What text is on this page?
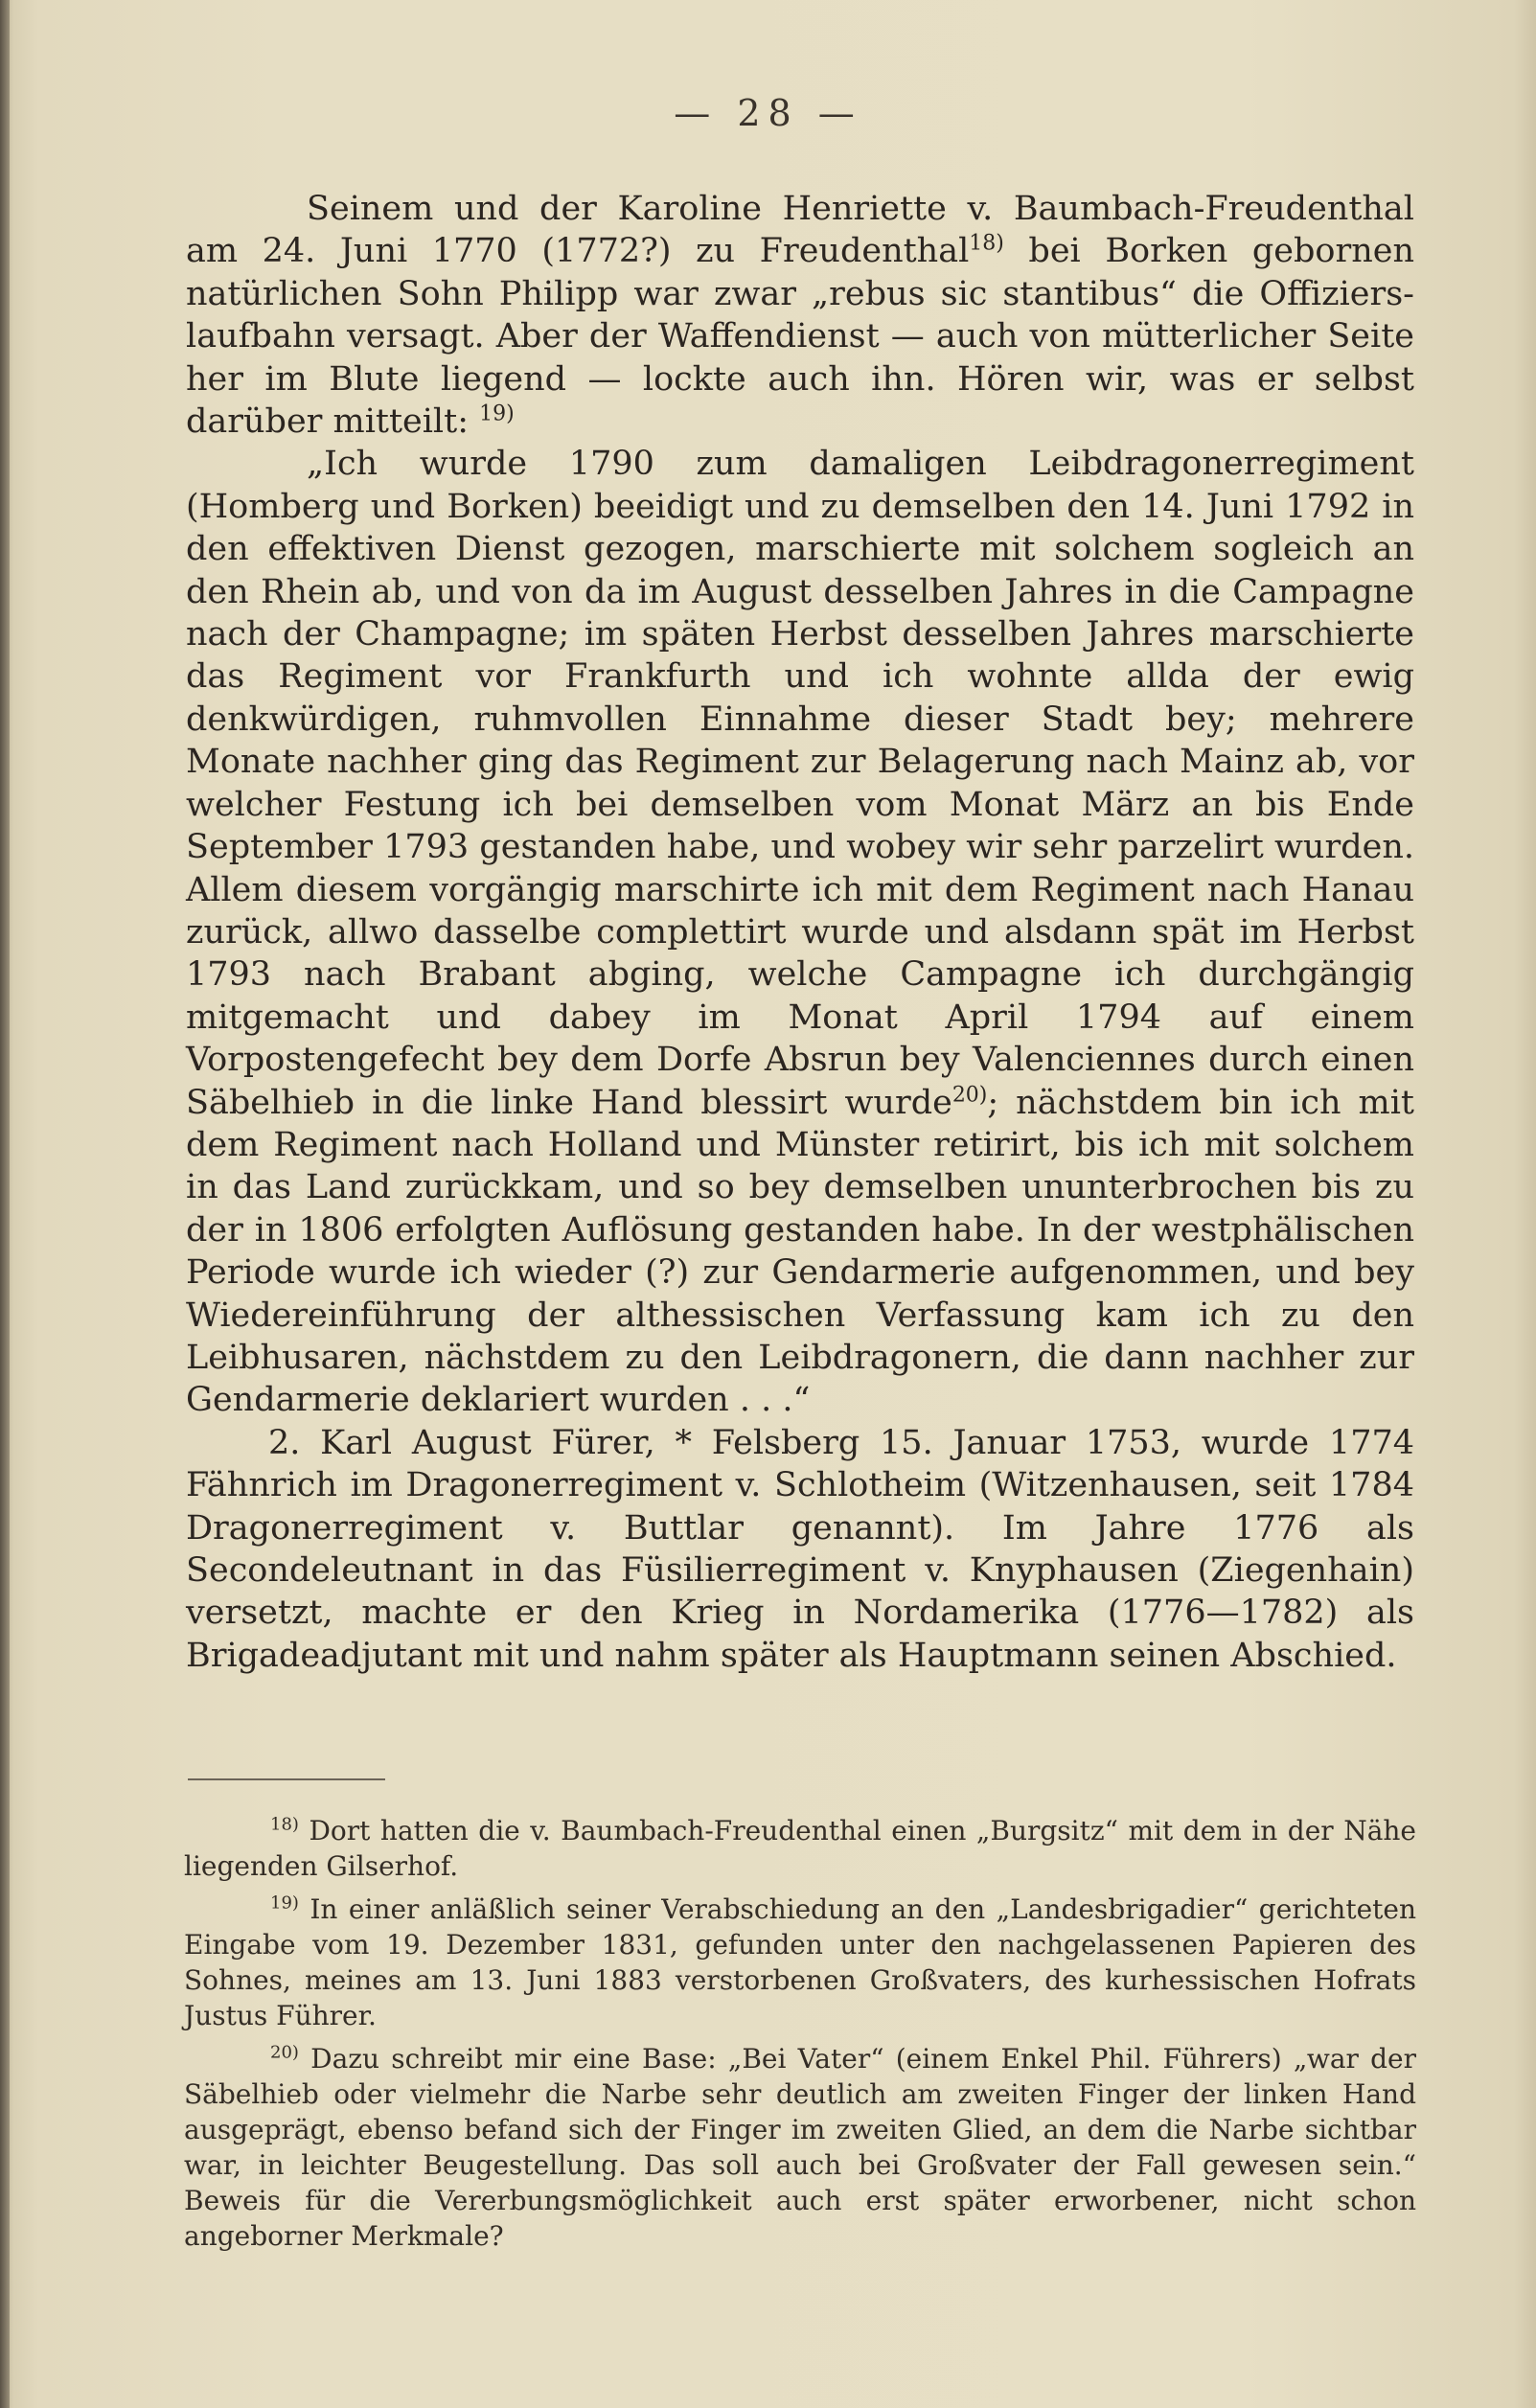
— 28 —

Seinem und der Karoline Henriette v. Baumbach-Freudenthal am 24. Juni 1770 (1772?) zu Freudenthal$^{18)}$ bei Borken gebornen natürlichen Sohn Philipp war zwar „rebus sic stantibus“ die Offiziers-laufbahn versagt. Aber der Waffendienst — auch von mütterlicher Seite her im Blute liegend — lockte auch ihn. Hören wir, was er selbst darüber mitteilt: $^{19)}$

„Ich wurde 1790 zum damaligen Leibdragonerregiment (Homberg und Borken) beeidigt und zu demselben den 14. Juni 1792 in den effektiven Dienst gezogen, marschierte mit solchem sogleich an den Rhein ab, und von da im August desselben Jahres in die Campagne nach der Champagne; im späten Herbst desselben Jahres marschierte das Regiment vor Frankfurth und ich wohnte allda der ewig denkwürdigen, ruhmvollen Einnahme dieser Stadt bey; mehrere Monate nachher ging das Regiment zur Belagerung nach Mainz ab, vor welcher Festung ich bei demselben vom Monat März an bis Ende September 1793 gestanden habe, und wobey wir sehr parzelirt wurden. Allem diesem vorgängig marschirte ich mit dem Regiment nach Hanau zurück, allwo dasselbe complettirt wurde und alsdann spät im Herbst 1793 nach Brabant abging, welche Campagne ich durchgängig mitgemacht und dabey im Monat April 1794 auf einem Vorpostengefecht bey dem Dorfe Absrun bey Valenciennes durch einen Säbelhieb in die linke Hand blessirt wurde$^{20)}$; nächstdem bin ich mit dem Regiment nach Holland und Münster retirirt, bis ich mit solchem in das Land zurückkam, und so bey demselben ununterbrochen bis zu der in 1806 erfolgten Auflösung gestanden habe. In der westphälischen Periode wurde ich wieder (?) zur Gendarmerie aufgenommen, und bey Wiedereinführung der althessischen Verfassung kam ich zu den Leibhusaren, nächstdem zu den Leibdragonern, die dann nachher zur Gendarmerie deklariert wurden . . .“

2. Karl August Fürer, * Felsberg 15. Januar 1753, wurde 1774 Fähnrich im Dragonerregiment v. Schlotheim (Witzenhausen, seit 1784 Dragonerregiment v. Buttlar genannt). Im Jahre 1776 als Secondeleutnant in das Füsilierregiment v. Knyphausen (Ziegenhain) versetzt, machte er den Krieg in Nordamerika (1776—1782) als Brigadeadjutant mit und nahm später als Hauptmann seinen Abschied.

$^{18)}$ Dort hatten die v. Baumbach-Freudenthal einen „Burgsitz“ mit dem in der Nähe liegenden Gilserhof.

$^{19)}$ In einer anläßlich seiner Verabschiedung an den „Landesbrigadier“ gerichteten Eingabe vom 19. Dezember 1831, gefunden unter den nachgelassenen Papieren des Sohnes, meines am 13. Juni 1883 verstorbenen Großvaters, des kurhessischen Hofrats Justus Führer.

$^{20)}$ Dazu schreibt mir eine Base: „Bei Vater“ (einem Enkel Phil. Führers) „war der Säbelhieb oder vielmehr die Narbe sehr deutlich am zweiten Finger der linken Hand ausgeprägt, ebenso befand sich der Finger im zweiten Glied, an dem die Narbe sichtbar war, in leichter Beugestellung. Das soll auch bei Großvater der Fall gewesen sein.“ Beweis für die Vererbungsmöglichkeit auch erst später erworbener, nicht schon angeborner Merkmale?
